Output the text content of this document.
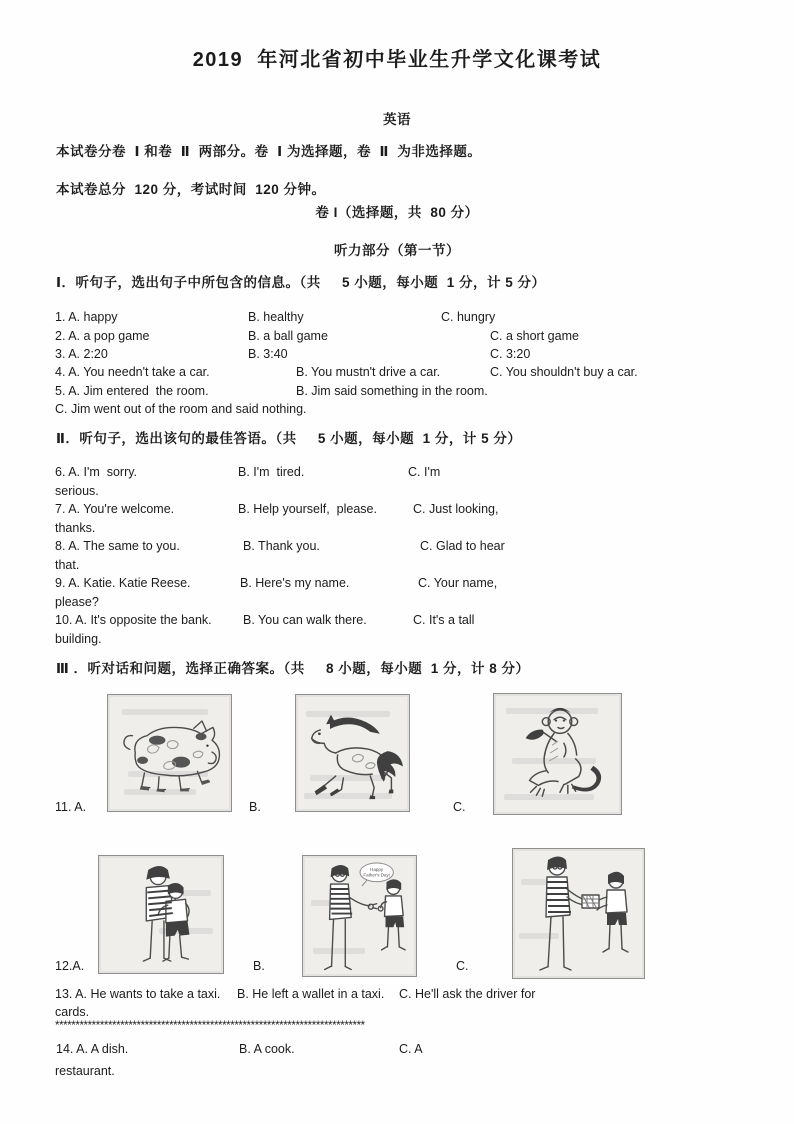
2019  年河北省初中毕业生升学文化课考试
英语
本试卷分卷  Ⅰ 和卷  Ⅱ  两部分。卷  Ⅰ 为选择题，卷  Ⅱ  为非选择题。
本试卷总分  120 分，考试时间  120 分钟。
卷 I（选择题，共  80 分）
听力部分（第一节）
Ⅰ．听句子，选出句子中所包含的信息。（共     5 小题，每小题  1 分，计 5 分）
1. A. happy	B. healthy	C. hungry
2. A. a pop game	B. a ball game	C. a short game
3. A. 2:20	B. 3:40	C. 3:20
4. A. You needn't take a car.	B. You mustn't drive a car.	C. You shouldn't buy a car.
5. A. Jim entered  the room.	B. Jim said something in the room.
C. Jim went out of the room and said nothing.
Ⅱ．听句子，选出该句的最佳答语。（共     5 小题，每小题  1 分，计 5 分）
6. A. I'm  sorry.	B. I'm  tired.	C. I'm
serious.
7. A. You're welcome.	B. Help yourself,  please.	C. Just looking,
thanks.
8. A. The same to you.	B. Thank you.	C. Glad to hear
that.
9. A. Katie. Katie Reese.	B. Here's my name.	C. Your name,
please?
10. A. It's opposite the bank.	B. You can walk there.	C. It's a tall
building.
Ⅲ ．听对话和问题，选择正确答案。（共     8 小题，每小题  1 分，计 8 分）
11. A.	B.	C.
Happy
Father's Day!
12.A.	B.	C.
13. A. He wants to take a taxi. B. He left a wallet in a taxi. C. He'll ask the driver for
cards.
****************************************************************************
14. A. A dish.	B. A cook.	C. A
restaurant.
